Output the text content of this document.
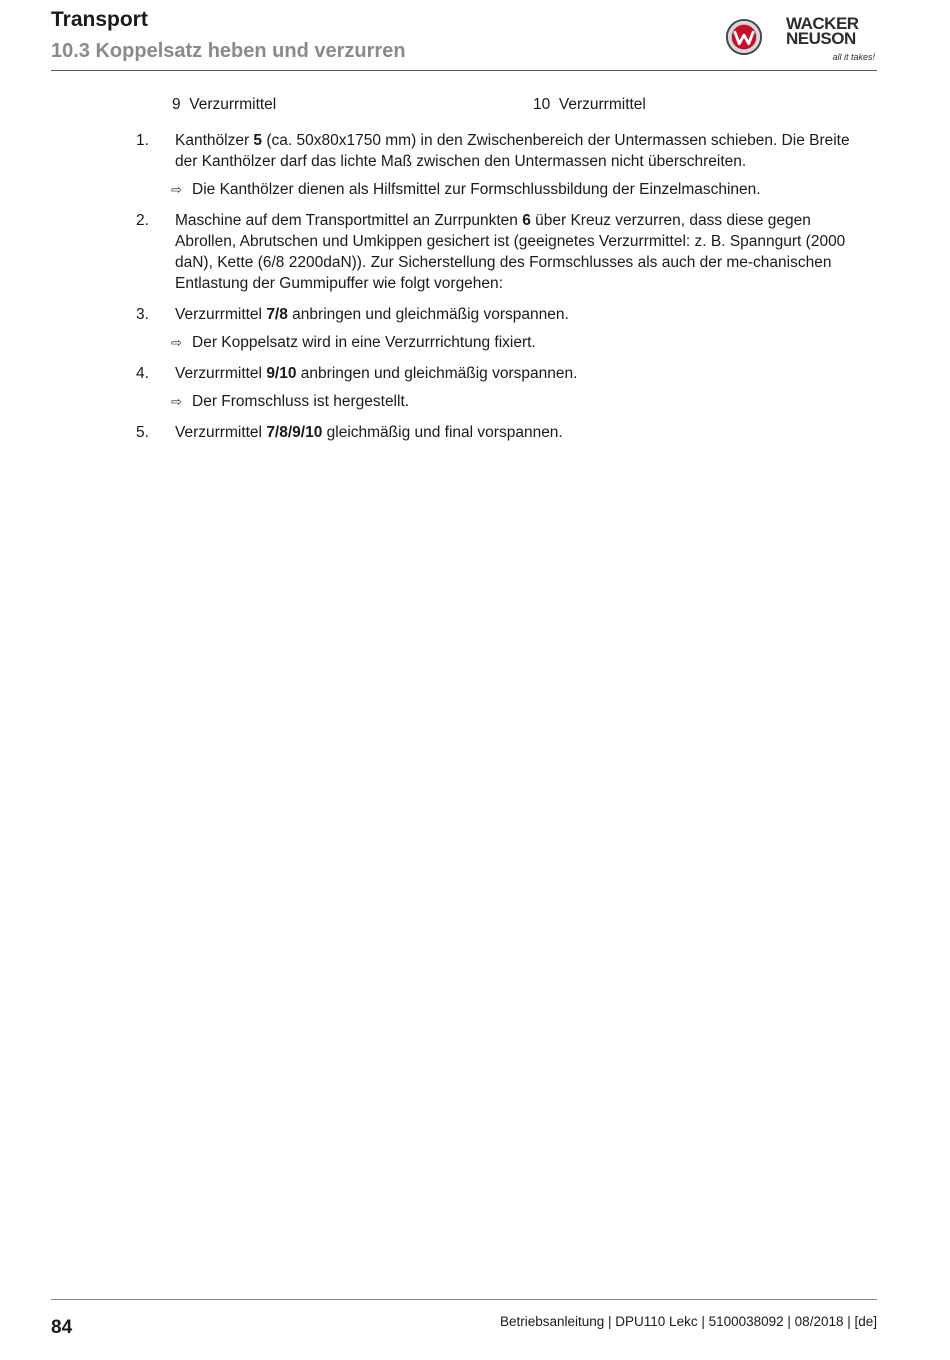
Transport
10.3 Koppelsatz heben und verzurren
WACKER
NEUSON
all it takes!
9 Verzurrmittel	10 Verzurrmittel
1. Kanthölzer 5 (ca. 50x80x1750 mm) in den Zwischenbereich der Untermassen schieben. Die Breite der Kanthölzer darf das lichte Maß zwischen den Untermassen nicht überschreiten.
⇨ Die Kanthölzer dienen als Hilfsmittel zur Formschlussbildung der Einzelmaschinen.
2. Maschine auf dem Transportmittel an Zurrpunkten 6 über Kreuz verzurren, dass diese gegen Abrollen, Abrutschen und Umkippen gesichert ist (geeignetes Verzurrmittel: z. B. Spanngurt (2000 daN), Kette (6/8 2200daN)). Zur Sicherstellung des Formschlusses als auch der me-chanischen Entlastung der Gummipuffer wie folgt vorgehen:
3. Verzurrmittel 7/8 anbringen und gleichmäßig vorspannen.
⇨ Der Koppelsatz wird in eine Verzurrrichtung fixiert.
4. Verzurrmittel 9/10 anbringen und gleichmäßig vorspannen.
⇨ Der Fromschluss ist hergestellt.
5. Verzurrmittel 7/8/9/10 gleichmäßig und final vorspannen.
84	Betriebsanleitung | DPU110 Lekc | 5100038092 | 08/2018 | [de]
